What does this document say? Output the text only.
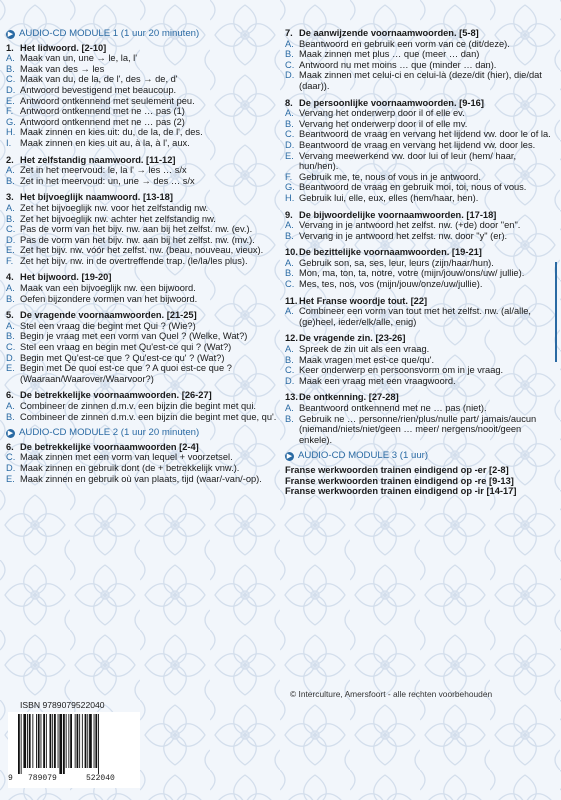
▶ AUDIO-CD MODULE 1 (1 uur 20 minuten)
1. Het lidwoord. [2-10]
A. Maak van un, une → le, la, l'
B. Maak van des → les
C. Maak van du, de la, de l', des → de, d'
D. Antwoord bevestigend met beaucoup.
E. Antwoord ontkennend met seulement peu.
F. Antwoord ontkennend met ne … pas (1)
G. Antwoord ontkennend met ne … pas (2)
H. Maak zinnen en kies uit: du, de la, de l', des.
I. Maak zinnen en kies uit au, à la, à l', aux.
2. Het zelfstandig naamwoord. [11-12]
A. Zet in het meervoud: le, la l' → les … s/x
B. Zet in het meervoud: un, une → des … s/x
3. Het bijvoeglijk naamwoord. [13-18]
A. Zet het bijvoeglijk nw. voor het zelfstandig nw.
B. Zet het bijvoeglijk nw. achter het zelfstandig nw.
C. Pas de vorm van het bijv. nw. aan bij het zelfst. nw. (ev.).
D. Pas de vorm van het bijv. nw. aan bij het zelfst. nw. (mv.).
E. Zet het bijv. nw. vóór het zelfst. nw. (beau, nouveau, vieux).
F. Zet het bijv. nw. in de overtreffende trap. (le/la/les plus).
4. Het bijwoord. [19-20]
A. Maak van een bijvoeglijk nw. een bijwoord.
B. Oefen bijzondere vormen van het bijwoord.
5. De vragende voornaamwoorden. [21-25]
A. Stel een vraag die begint met Qui ? (Wie?)
B. Begin je vraag met een vorm van Quel ? (Welke, Wat?)
C. Stel een vraag en begin met Qu'est-ce qui ? (Wat?)
D. Begin met Qu'est-ce que ? Qu'est-ce qu' ? (Wat?)
E. Begin met De quoi est-ce que ? A quoi est-ce que ? (Waaraan/Waarover/Waarvoor?)
6. De betrekkelijke voornaamwoorden. [26-27]
A. Combineer de zinnen d.m.v. een bijzin die begint met qui.
B. Combineer de zinnen d.m.v. een bijzin die begint met que, qu'.
▶ AUDIO-CD MODULE 2 (1 uur 20 minuten)
6. De betrekkelijke voornaamwoorden [2-4]
C. Maak zinnen met een vorm van lequel + voorzetsel.
D. Maak zinnen en gebruik dont (de + betrekkelijk vnw.).
E. Maak zinnen en gebruik où van plaats, tijd (waar/-van/-op).
7. De aanwijzende voornaamwoorden. [5-8]
A. Beantwoord en gebruik een vorm van ce (dit/deze).
B. Maak zinnen met plus … que (meer … dan)
C. Antwoord nu met moins … que (minder … dan).
D. Maak zinnen met celui-ci en celui-là (deze/dit (hier), die/dat (daar)).
8. De persoonlijke voornaamwoorden. [9-16]
A. Vervang het onderwerp door il of elle ev.
B. Vervang het onderwerp door il of elle mv.
C. Beantwoord de vraag en vervang het lijdend vw. door le of la.
D. Beantwoord de vraag en vervang het lijdend vw. door les.
E. Vervang meewerkend vw. door lui of leur (hem/ haar, hun/hen).
F. Gebruik me, te, nous of vous in je antwoord.
G. Beantwoord de vraag en gebruik moi, toi, nous of vous.
H. Gebruik lui, elle, eux, elles (hem/haar, hen).
9. De bijwoordelijke voornaamwoorden. [17-18]
A. Vervang in je antwoord het zelfst. nw. (+de) door "en".
B. Vervang in je antwoord het zelfst. nw. door "y" (er).
10. De bezittelijke voornaamwoorden. [19-21]
A. Gebruik son, sa, ses, leur, leurs (zijn/haar/hun).
B. Mon, ma, ton, ta, notre, votre (mijn/jouw/ons/uw/ jullie).
C. Mes, tes, nos, vos (mijn/jouw/onze/uw/jullie).
11. Het Franse woordje tout. [22]
A. Combineer een vorm van tout met het zelfst. nw. (al/alle, (ge)heel, ieder/elk/alle, enig)
12. De vragende zin. [23-26]
A. Spreek de zin uit als een vraag.
B. Maak vragen met est-ce que/qu'.
C. Keer onderwerp en persoonsvorm om in je vraag.
D. Maak een vraag met een vraagwoord.
13. De ontkenning. [27-28]
A. Beantwoord ontkennend met ne … pas (niet).
B. Gebruik ne … personne/rien/plus/nulle part/ jamais/aucun (niemand/niets/niet/geen … meer/ nergens/nooit/geen enkele).
▶ AUDIO-CD MODULE 3 (1 uur)
Franse werkwoorden trainen eindigend op -er [2-8]
Franse werkwoorden trainen eindigend op -re [9-13]
Franse werkwoorden trainen eindigend op -ir [14-17]
© Interculture, Amersfoort - alle rechten voorbehouden
ISBN 9789079522040
9 789079	522040
